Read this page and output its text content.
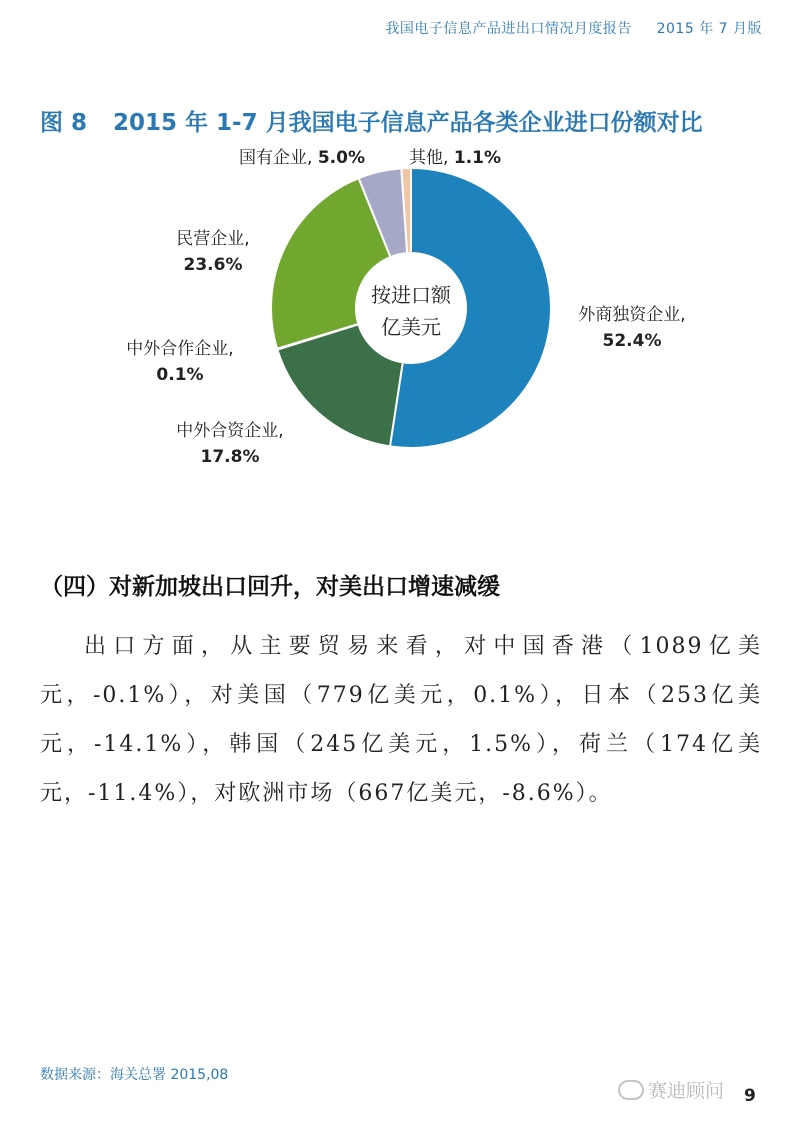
我国电子信息产品进出口情况月度报告 2015 年 7 月版
图 8 2015 年 1-7 月我国电子信息产品各类企业进口份额对比
外商独资企业,
52.4%
中外合资企业,
17.8%
中外合作企业,
0.1%
民营企业,
23.6%
国有企业, 5.0%	其他, 1.1%
按进口额
亿美元
（四）对新加坡出口回升，对美出口增速减缓
出口方面，从主要贸易来看，对中国香港（1089亿美元，-0.1%），对美国（779亿美元，0.1%），日本（253亿美元，-14.1%），韩国（245亿美元，1.5%），荷兰（174亿美元，-11.4%），对欧洲市场（667亿美元，-8.6%）。
数据来源：海关总署 2015,08
赛迪顾问 9
